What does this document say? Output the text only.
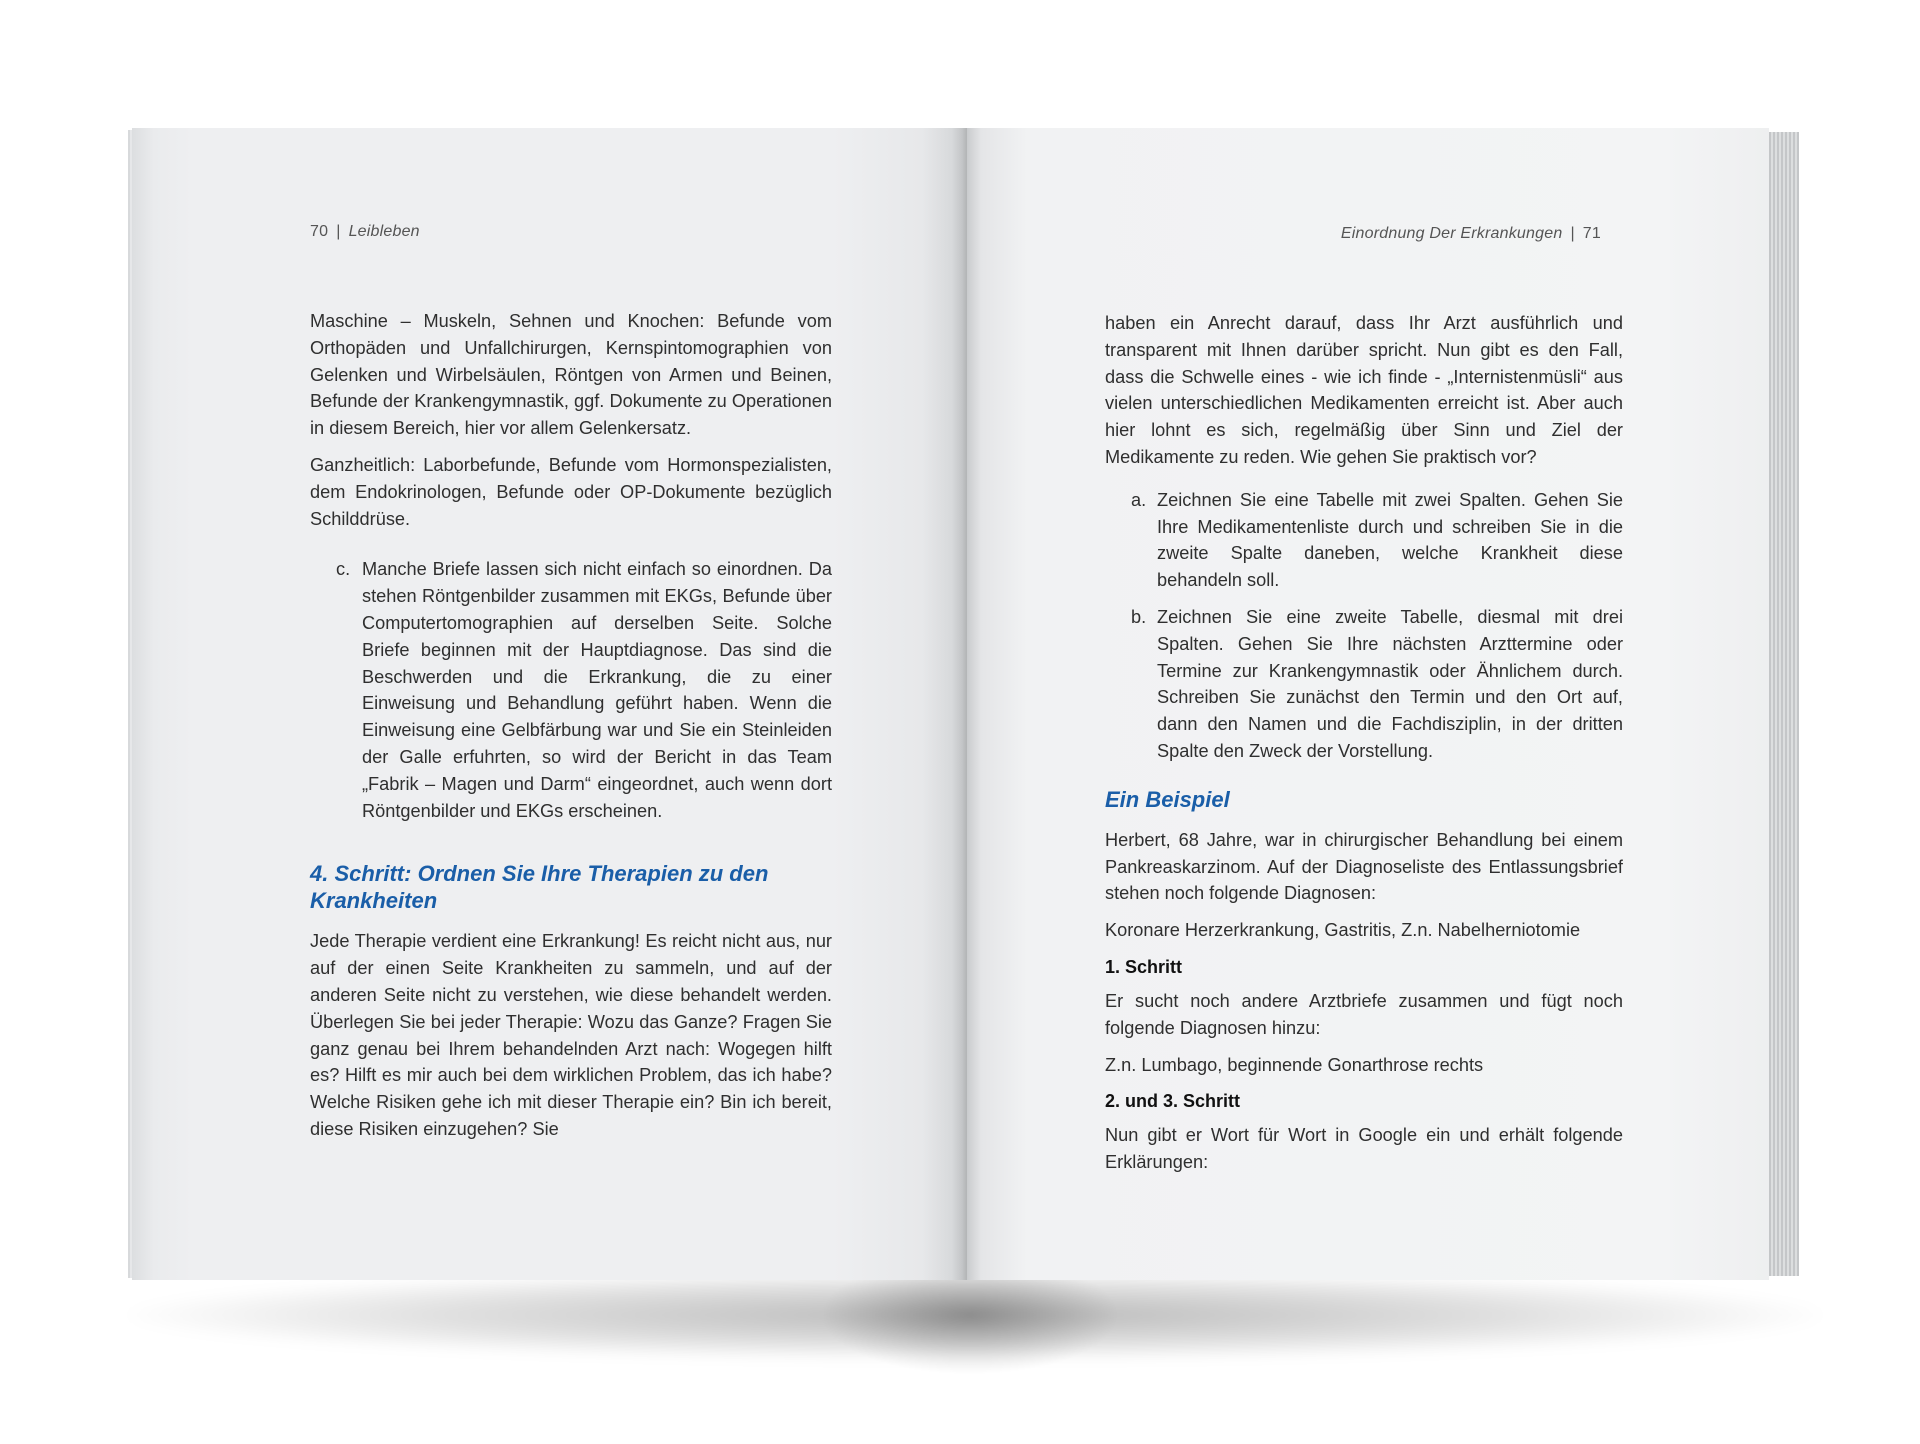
70 | Leibleben

Maschine – Muskeln, Sehnen und Knochen: Befunde vom Orthopäden und Unfallchirurgen, Kernspintomographien von Gelenken und Wirbelsäulen, Röntgen von Armen und Beinen, Befunde der Krankengymnastik, ggf. Dokumente zu Operationen in diesem Bereich, hier vor allem Gelenkersatz.

Ganzheitlich: Laborbefunde, Befunde vom Hormonspezialisten, dem Endokrinologen, Befunde oder OP-Dokumente bezüglich Schilddrüse.

c. Manche Briefe lassen sich nicht einfach so einordnen. Da stehen Röntgenbilder zusammen mit EKGs, Befunde über Computertomographien auf derselben Seite. Solche Briefe beginnen mit der Hauptdiagnose. Das sind die Beschwerden und die Erkrankung, die zu einer Einweisung und Behandlung geführt haben. Wenn die Einweisung eine Gelbfärbung war und Sie ein Steinleiden der Galle erfuhrten, so wird der Bericht in das Team „Fabrik – Magen und Darm“ eingeordnet, auch wenn dort Röntgenbilder und EKGs erscheinen.
4. Schritt: Ordnen Sie Ihre Therapien zu den Krankheiten

Jede Therapie verdient eine Erkrankung! Es reicht nicht aus, nur auf der einen Seite Krankheiten zu sammeln, und auf der anderen Seite nicht zu verstehen, wie diese behandelt werden. Überlegen Sie bei jeder Therapie: Wozu das Ganze? Fragen Sie ganz genau bei Ihrem behandelnden Arzt nach: Wogegen hilft es? Hilft es mir auch bei dem wirklichen Problem, das ich habe? Welche Risiken gehe ich mit dieser Therapie ein? Bin ich bereit, diese Risiken einzugehen? Sie

Einordnung Der Erkrankungen | 71

haben ein Anrecht darauf, dass Ihr Arzt ausführlich und transparent mit Ihnen darüber spricht. Nun gibt es den Fall, dass die Schwelle eines - wie ich finde - „Internistenmüsli“ aus vielen unterschiedlichen Medikamenten erreicht ist. Aber auch hier lohnt es sich, regelmäßig über Sinn und Ziel der Medikamente zu reden. Wie gehen Sie praktisch vor?

a. Zeichnen Sie eine Tabelle mit zwei Spalten. Gehen Sie Ihre Medikamentenliste durch und schreiben Sie in die zweite Spalte daneben, welche Krankheit diese behandeln soll.
b. Zeichnen Sie eine zweite Tabelle, diesmal mit drei Spalten. Gehen Sie Ihre nächsten Arzttermine oder Termine zur Krankengymnastik oder Ähnlichem durch. Schreiben Sie zunächst den Termin und den Ort auf, dann den Namen und die Fachdisziplin, in der dritten Spalte den Zweck der Vorstellung.
Ein Beispiel

Herbert, 68 Jahre, war in chirurgischer Behandlung bei einem Pankreaskarzinom. Auf der Diagnoseliste des Entlassungsbrief stehen noch folgende Diagnosen:

Koronare Herzerkrankung, Gastritis, Z.n. Nabelherniotomie

1. Schritt

Er sucht noch andere Arztbriefe zusammen und fügt noch folgende Diagnosen hinzu:

Z.n. Lumbago, beginnende Gonarthrose rechts

2. und 3. Schritt

Nun gibt er Wort für Wort in Google ein und erhält folgende Erklärungen:
